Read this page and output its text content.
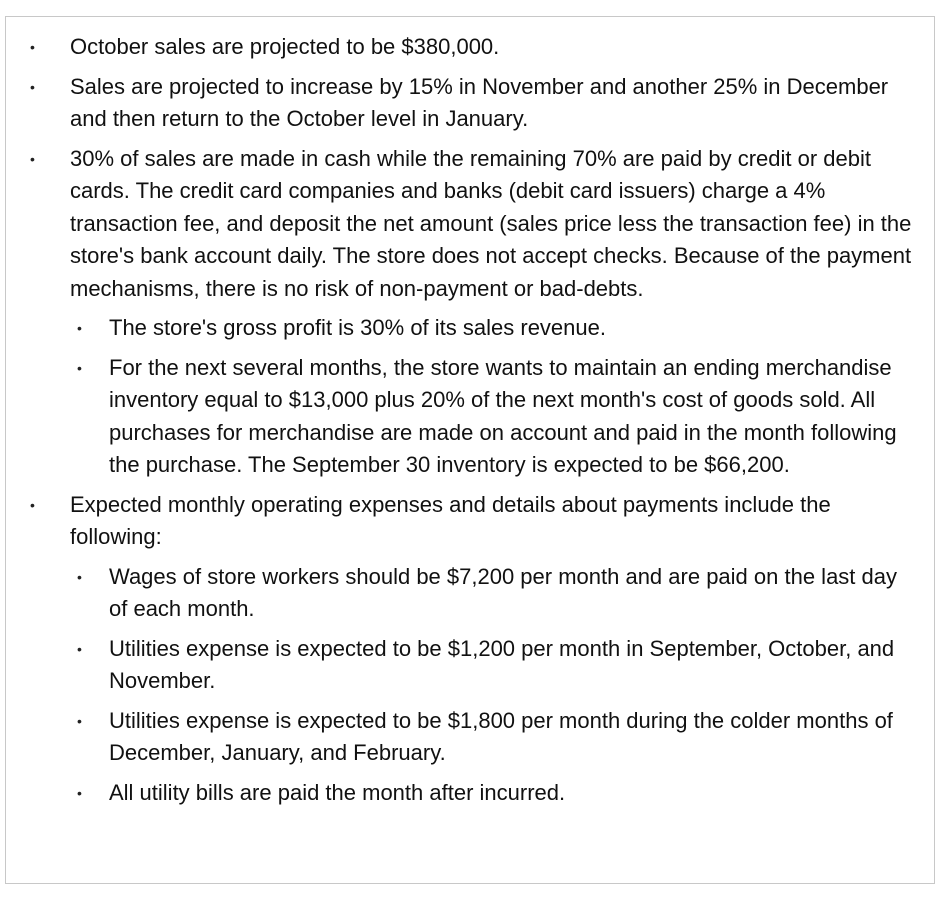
• October sales are projected to be $380,000.
• Sales are projected to increase by 15% in November and another 25% in December and then return to the October level in January.
• 30% of sales are made in cash while the remaining 70% are paid by credit or debit cards. The credit card companies and banks (debit card issuers) charge a 4% transaction fee, and deposit the net amount (sales price less the transaction fee) in the store's bank account daily. The store does not accept checks. Because of the payment mechanisms, there is no risk of non-payment or bad-debts.
• The store's gross profit is 30% of its sales revenue.
• For the next several months, the store wants to maintain an ending merchandise inventory equal to $13,000 plus 20% of the next month's cost of goods sold. All purchases for merchandise are made on account and paid in the month following the purchase. The September 30 inventory is expected to be $66,200.
• Expected monthly operating expenses and details about payments include the following:
• Wages of store workers should be $7,200 per month and are paid on the last day of each month.
• Utilities expense is expected to be $1,200 per month in September, October, and November.
• Utilities expense is expected to be $1,800 per month during the colder months of December, January, and February.
• All utility bills are paid the month after incurred.
